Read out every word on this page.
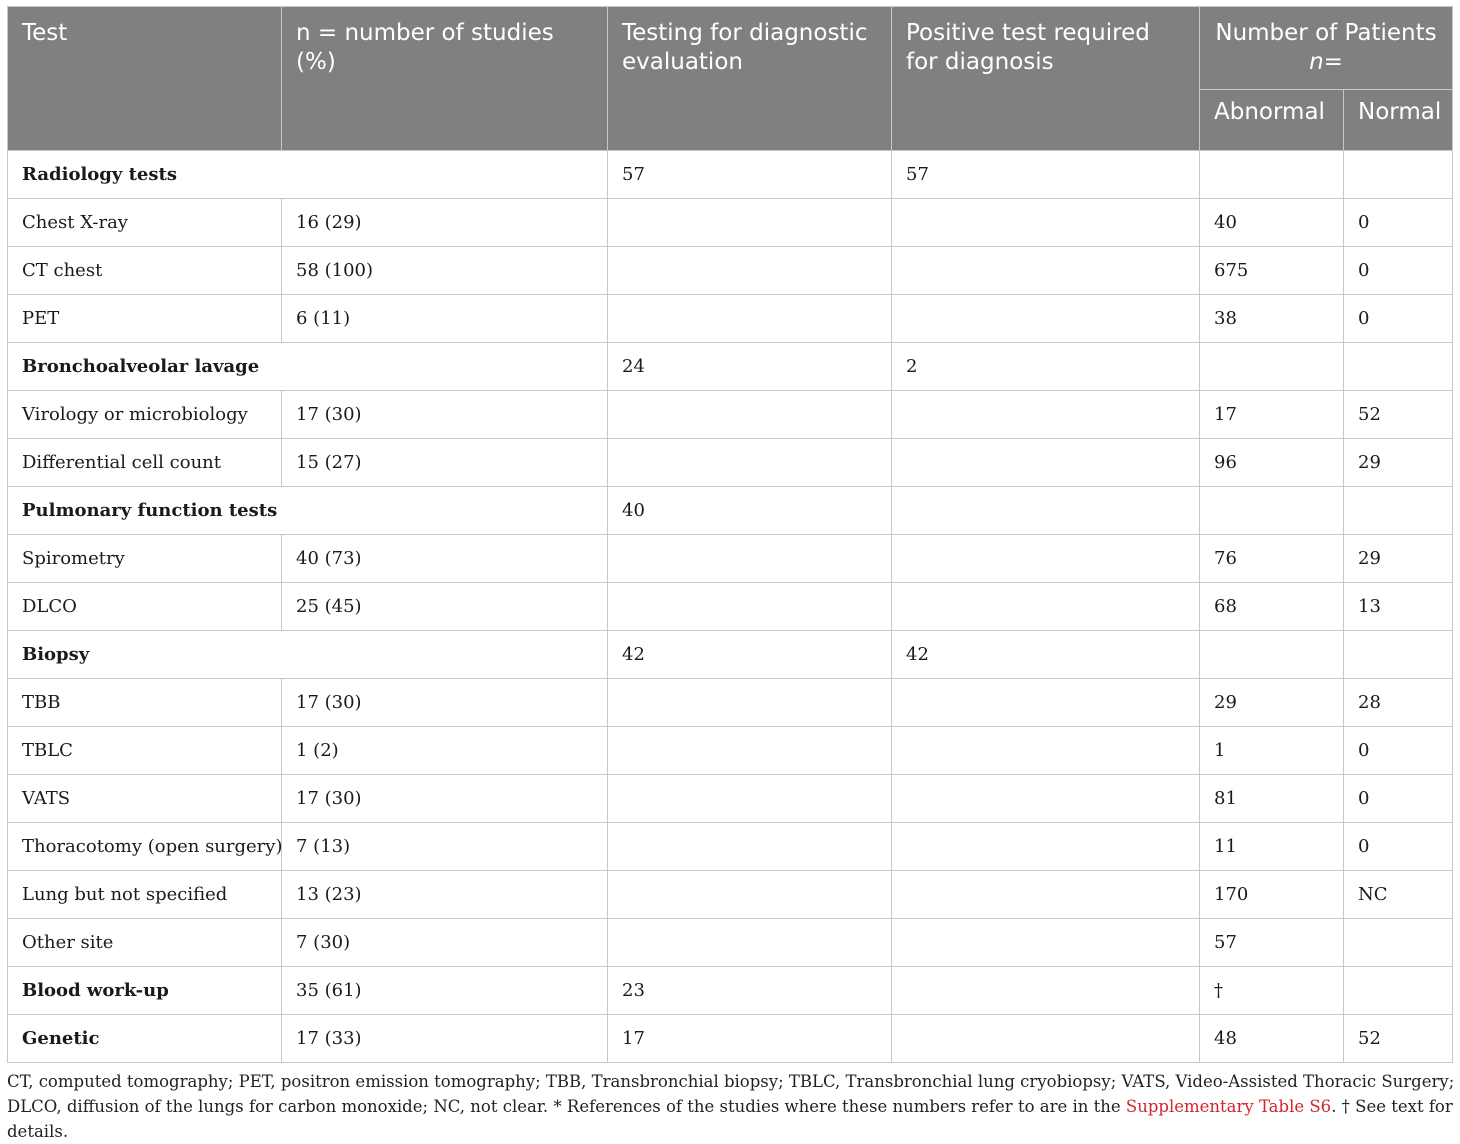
Test	n = number of studies (%)	Testing for diagnostic evaluation	Positive test required for diagnosis	Number of Patients n=	
				Abnormal	Normal
Radiology tests		57	57		
Chest X-ray	16 (29)			40	0
CT chest	58 (100)			675	0
PET	6 (11)			38	0
Bronchoalveolar lavage		24	2		
Virology or microbiology	17 (30)			17	52
Differential cell count	15 (27)			96	29
Pulmonary function tests		40			
Spirometry	40 (73)			76	29
DLCO	25 (45)			68	13
Biopsy		42	42		
TBB	17 (30)			29	28
TBLC	1 (2)			1	0
VATS	17 (30)			81	0
Thoracotomy (open surgery)	7 (13)			11	0
Lung but not specified	13 (23)			170	NC
Other site	7 (30)			57	
Blood work-up	35 (61)	23		†	
Genetic	17 (33)	17		48	52
CT, computed tomography; PET, positron emission tomography; TBB, Transbronchial biopsy; TBLC, Transbronchial lung cryobiopsy; VATS, Video-Assisted Thoracic Surgery; DLCO, diffusion of the lungs for carbon monoxide; NC, not clear. * References of the studies where these numbers refer to are in the Supplementary Table S6. † See text for details.
